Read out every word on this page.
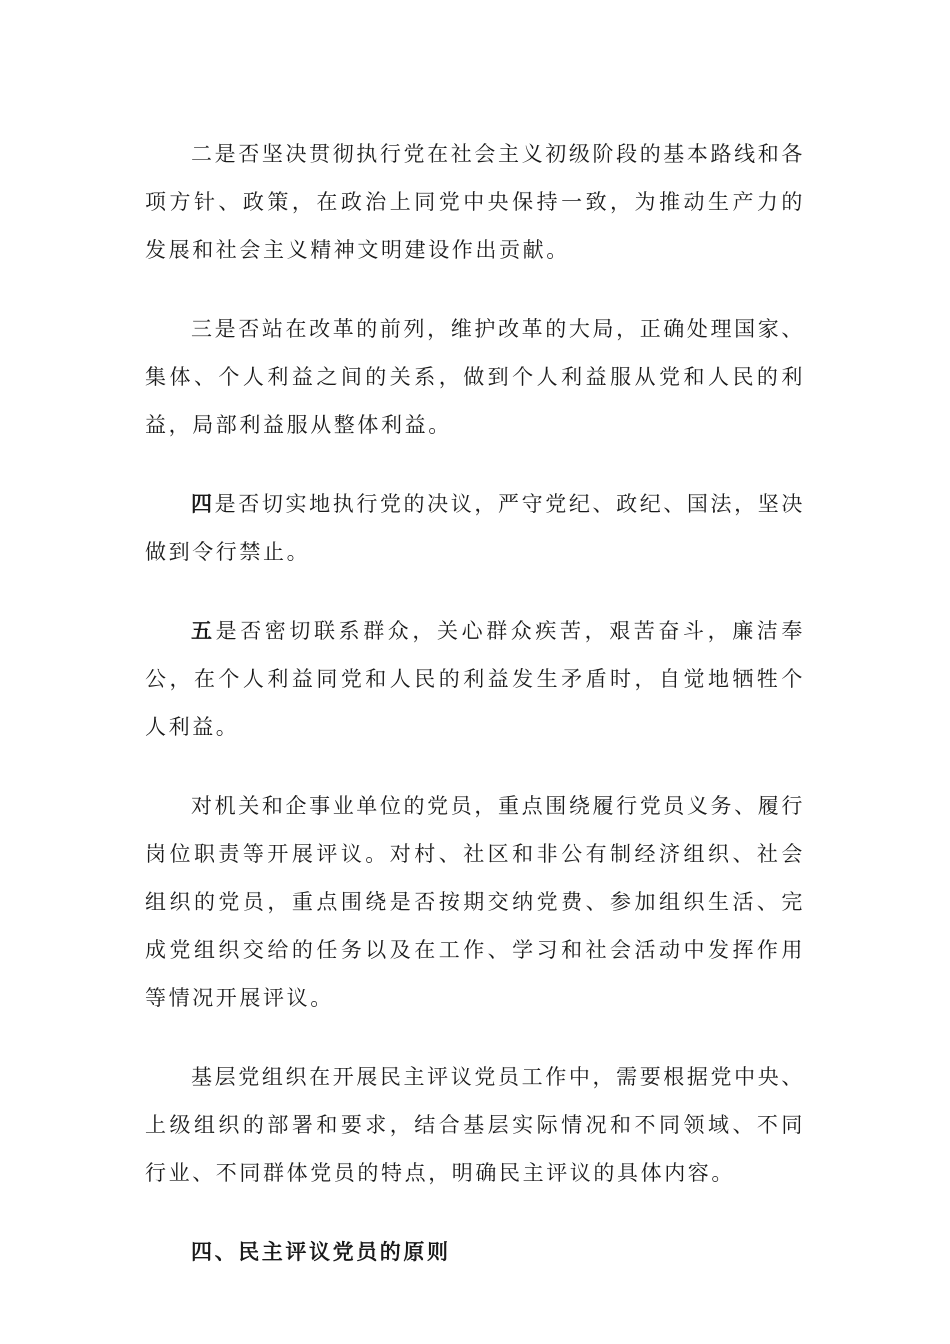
二是否坚决贯彻执行党在社会主义初级阶段的基本路线和各项方针、政策，在政治上同党中央保持一致，为推动生产力的发展和社会主义精神文明建设作出贡献。

三是否站在改革的前列，维护改革的大局，正确处理国家、集体、个人利益之间的关系，做到个人利益服从党和人民的利益，局部利益服从整体利益。

四是否切实地执行党的决议，严守党纪、政纪、国法，坚决做到令行禁止。

五是否密切联系群众，关心群众疾苦，艰苦奋斗，廉洁奉公，在个人利益同党和人民的利益发生矛盾时，自觉地牺牲个人利益。

对机关和企事业单位的党员，重点围绕履行党员义务、履行岗位职责等开展评议。对村、社区和非公有制经济组织、社会组织的党员，重点围绕是否按期交纳党费、参加组织生活、完成党组织交给的任务以及在工作、学习和社会活动中发挥作用等情况开展评议。

基层党组织在开展民主评议党员工作中，需要根据党中央、上级组织的部署和要求，结合基层实际情况和不同领域、不同行业、不同群体党员的特点，明确民主评议的具体内容。

四、民主评议党员的原则
